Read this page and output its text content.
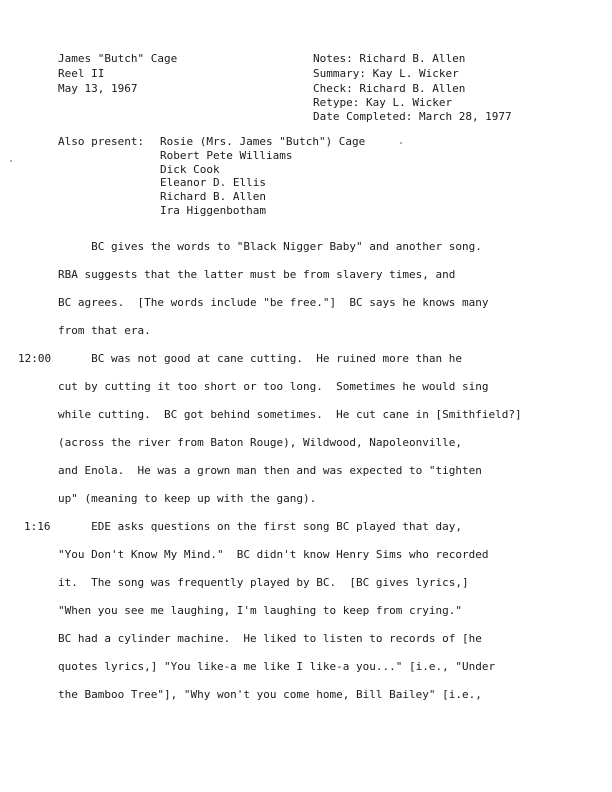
James "Butch" Cage
Reel II
May 13, 1967
Notes: Richard B. Allen
Summary: Kay L. Wicker
Check: Richard B. Allen
Retype: Kay L. Wicker
Date Completed: March 28, 1977
Also present: Rosie (Mrs. James "Butch") Cage
Robert Pete Williams
Dick Cook
Eleanor D. Ellis
Richard B. Allen
Ira Higgenbotham
12:00
1:16
BC gives the words to "Black Nigger Baby" and another song.
RBA suggests that the latter must be from slavery times, and
BC agrees.  [The words include "be free."]  BC says he knows many
from that era.
BC was not good at cane cutting.  He ruined more than he
cut by cutting it too short or too long.  Sometimes he would sing
while cutting.  BC got behind sometimes.  He cut cane in [Smithfield?]
(across the river from Baton Rouge), Wildwood, Napoleonville,
and Enola.  He was a grown man then and was expected to "tighten
up" (meaning to keep up with the gang).
EDE asks questions on the first song BC played that day,
"You Don't Know My Mind."  BC didn't know Henry Sims who recorded
it.  The song was frequently played by BC.  [BC gives lyrics,]
"When you see me laughing, I'm laughing to keep from crying."
BC had a cylinder machine.  He liked to listen to records of [he
quotes lyrics,] "You like-a me like I like-a you..." [i.e., "Under
the Bamboo Tree"], "Why won't you come home, Bill Bailey" [i.e.,
